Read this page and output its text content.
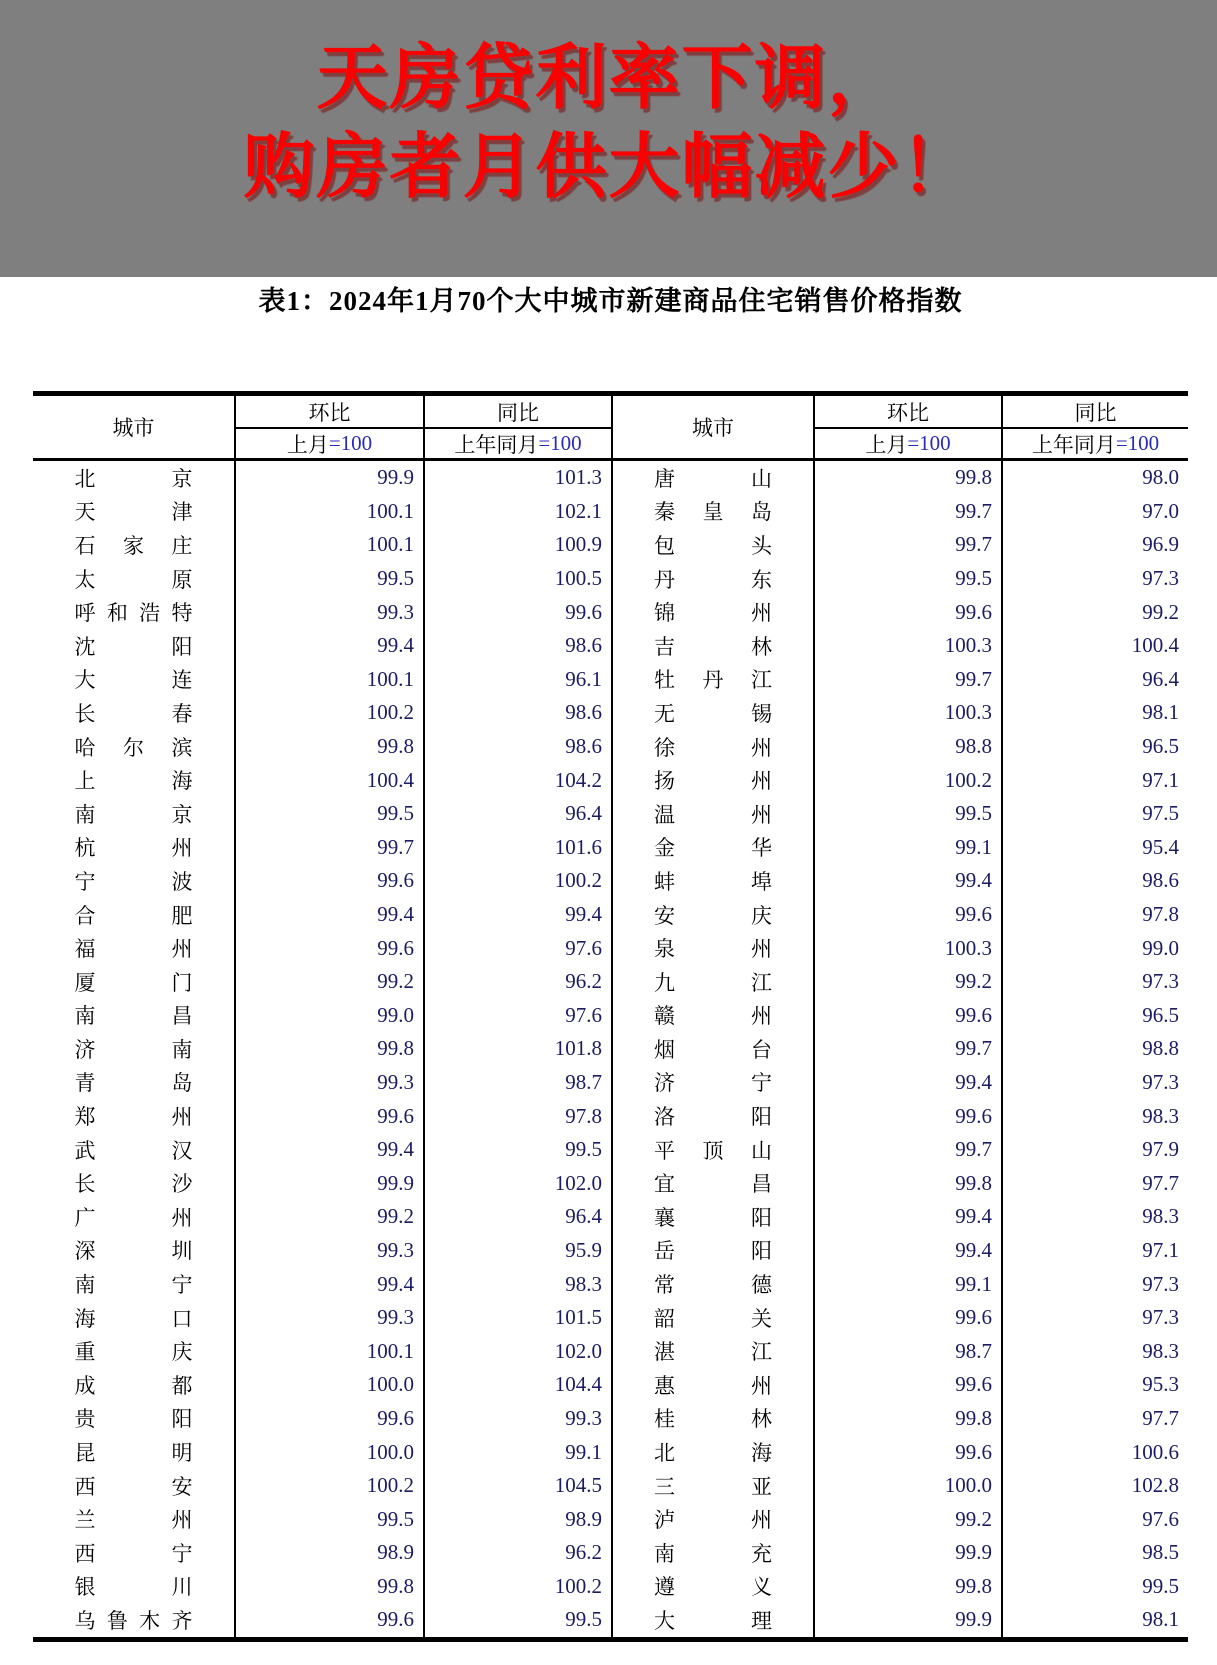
天房贷利率下调，
购房者月供大幅减少！
表1：2024年1月70个大中城市新建商品住宅销售价格指数
城市
环比	同比
城市
环比	同比
上月 =100	上年同月 =100	上月 =100	上年同月 =100
北京	99.9	101.3	唐山	99.8	98.0
天津	100.1	102.1	秦皇岛	99.7	97.0
石家庄	100.1	100.9	包头	99.7	96.9
太原	99.5	100.5	丹东	99.5	97.3
呼和浩特	99.3	99.6	锦州	99.6	99.2
沈阳	99.4	98.6	吉林	100.3	100.4
大连	100.1	96.1	牡丹江	99.7	96.4
长春	100.2	98.6	无锡	100.3	98.1
哈尔滨	99.8	98.6	徐州	98.8	96.5
上海	100.4	104.2	扬州	100.2	97.1
南京	99.5	96.4	温州	99.5	97.5
杭州	99.7	101.6	金华	99.1	95.4
宁波	99.6	100.2	蚌埠	99.4	98.6
合肥	99.4	99.4	安庆	99.6	97.8
福州	99.6	97.6	泉州	100.3	99.0
厦门	99.2	96.2	九江	99.2	97.3
南昌	99.0	97.6	赣州	99.6	96.5
济南	99.8	101.8	烟台	99.7	98.8
青岛	99.3	98.7	济宁	99.4	97.3
郑州	99.6	97.8	洛阳	99.6	98.3
武汉	99.4	99.5	平顶山	99.7	97.9
长沙	99.9	102.0	宜昌	99.8	97.7
广州	99.2	96.4	襄阳	99.4	98.3
深圳	99.3	95.9	岳阳	99.4	97.1
南宁	99.4	98.3	常德	99.1	97.3
海口	99.3	101.5	韶关	99.6	97.3
重庆	100.1	102.0	湛江	98.7	98.3
成都	100.0	104.4	惠州	99.6	95.3
贵阳	99.6	99.3	桂林	99.8	97.7
昆明	100.0	99.1	北海	99.6	100.6
西安	100.2	104.5	三亚	100.0	102.8
兰州	99.5	98.9	泸州	99.2	97.6
西宁	98.9	96.2	南充	99.9	98.5
银川	99.8	100.2	遵义	99.8	99.5
乌鲁木齐	99.6	99.5	大理	99.9	98.1
